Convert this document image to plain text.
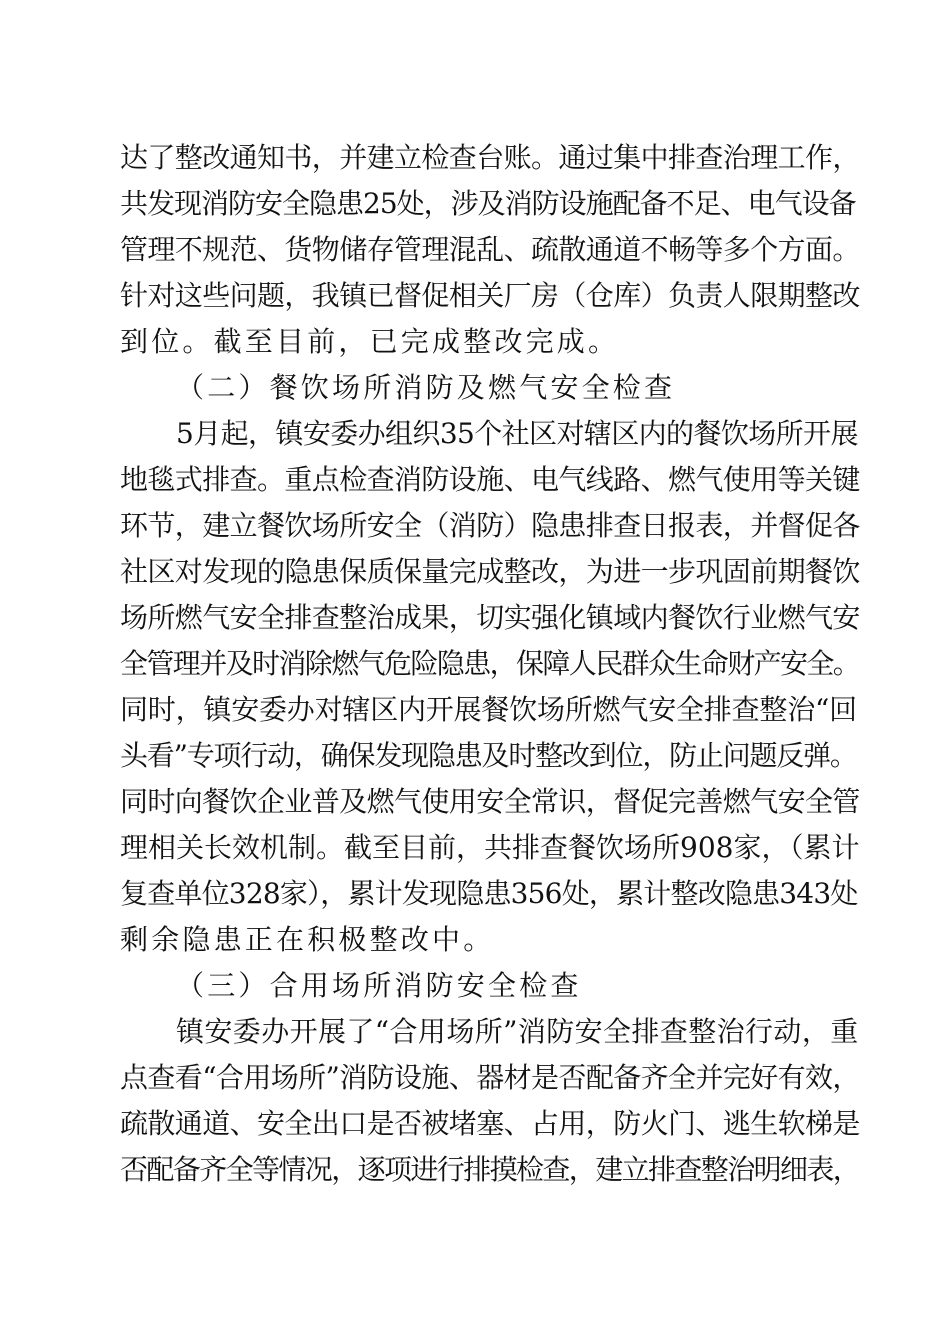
达了整改通知书，并建立检查台账。通过集中排查治理工作，
共发现消防安全隐患25处，涉及消防设施配备不足、电气设备
管理不规范、货物储存管理混乱、疏散通道不畅等多个方面。
针对这些问题，我镇已督促相关厂房（仓库）负责人限期整改
到位。截至目前，已完成整改完成。
（二）餐饮场所消防及燃气安全检查
5月起，镇安委办组织35个社区对辖区内的餐饮场所开展
地毯式排查。重点检查消防设施、电气线路、燃气使用等关键
环节，建立餐饮场所安全（消防）隐患排查日报表，并督促各
社区对发现的隐患保质保量完成整改，为进一步巩固前期餐饮
场所燃气安全排查整治成果，切实强化镇域内餐饮行业燃气安
全管理并及时消除燃气危险隐患，保障人民群众生命财产安全。
同时，镇安委办对辖区内开展餐饮场所燃气安全排查整治“回
头看”专项行动，确保发现隐患及时整改到位，防止问题反弹。
同时向餐饮企业普及燃气使用安全常识，督促完善燃气安全管
理相关长效机制。截至目前，共排查餐饮场所908家，（累计
复查单位328家），累计发现隐患356处，累计整改隐患343处
剩余隐患正在积极整改中。
（三）合用场所消防安全检查
镇安委办开展了“合用场所”消防安全排查整治行动，重
点查看“合用场所”消防设施、器材是否配备齐全并完好有效，
疏散通道、安全出口是否被堵塞、占用，防火门、逃生软梯是
否配备齐全等情况，逐项进行排摸检查，建立排查整治明细表，
